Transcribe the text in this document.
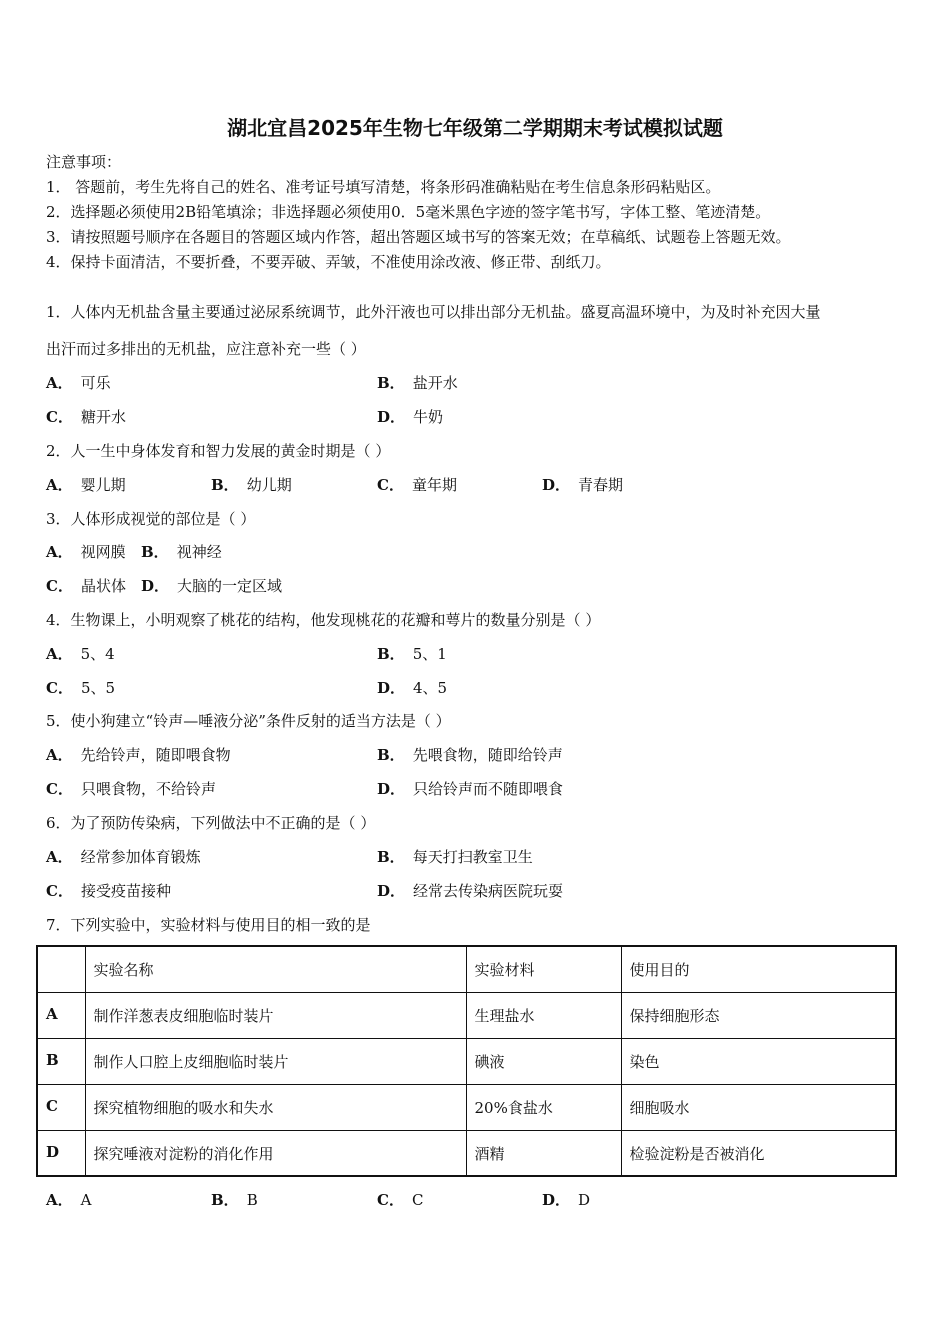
湖北宜昌2025年生物七年级第二学期期末考试模拟试题
注意事项：
1． 答题前，考生先将自己的姓名、准考证号填写清楚，将条形码准确粘贴在考生信息条形码粘贴区。
2．选择题必须使用2B铅笔填涂；非选择题必须使用0．5毫米黑色字迹的签字笔书写，字体工整、笔迹清楚。
3．请按照题号顺序在各题目的答题区域内作答，超出答题区域书写的答案无效；在草稿纸、试题卷上答题无效。
4．保持卡面清洁，不要折叠，不要弄破、弄皱，不准使用涂改液、修正带、刮纸刀。
1．人体内无机盐含量主要通过泌尿系统调节，此外汗液也可以排出部分无机盐。盛夏高温环境中，为及时补充因大量
出汗而过多排出的无机盐，应注意补充一些（ ）
A． 可乐	B． 盐开水
C． 糖开水	D． 牛奶
2．人一生中身体发育和智力发展的黄金时期是（ ）
A． 婴儿期	B． 幼儿期	C． 童年期	D． 青春期
3．人体形成视觉的部位是（ ）
A． 视网膜 B． 视神经
C． 晶状体 D． 大脑的一定区域
4．生物课上，小明观察了桃花的结构，他发现桃花的花瓣和萼片的数量分别是（ ）
A． 5、4	B． 5、1
C． 5、5	D． 4、5
5．使小狗建立“铃声—唾液分泌”条件反射的适当方法是（ ）
A． 先给铃声，随即喂食物	B． 先喂食物，随即给铃声
C． 只喂食物，不给铃声	D． 只给铃声而不随即喂食
6．为了预防传染病，下列做法中不正确的是（ ）
A． 经常参加体育锻炼	B． 每天打扫教室卫生
C． 接受疫苗接种	D． 经常去传染病医院玩耍
7．下列实验中，实验材料与使用目的相一致的是
	实验名称	实验材料	使用目的
A	制作洋葱表皮细胞临时装片	生理盐水	保持细胞形态
B	制作人口腔上皮细胞临时装片	碘液	染色
C	探究植物细胞的吸水和失水	20%食盐水	细胞吸水
D	探究唾液对淀粉的消化作用	酒精	检验淀粉是否被消化
A． A	B． B	C． C	D． D
